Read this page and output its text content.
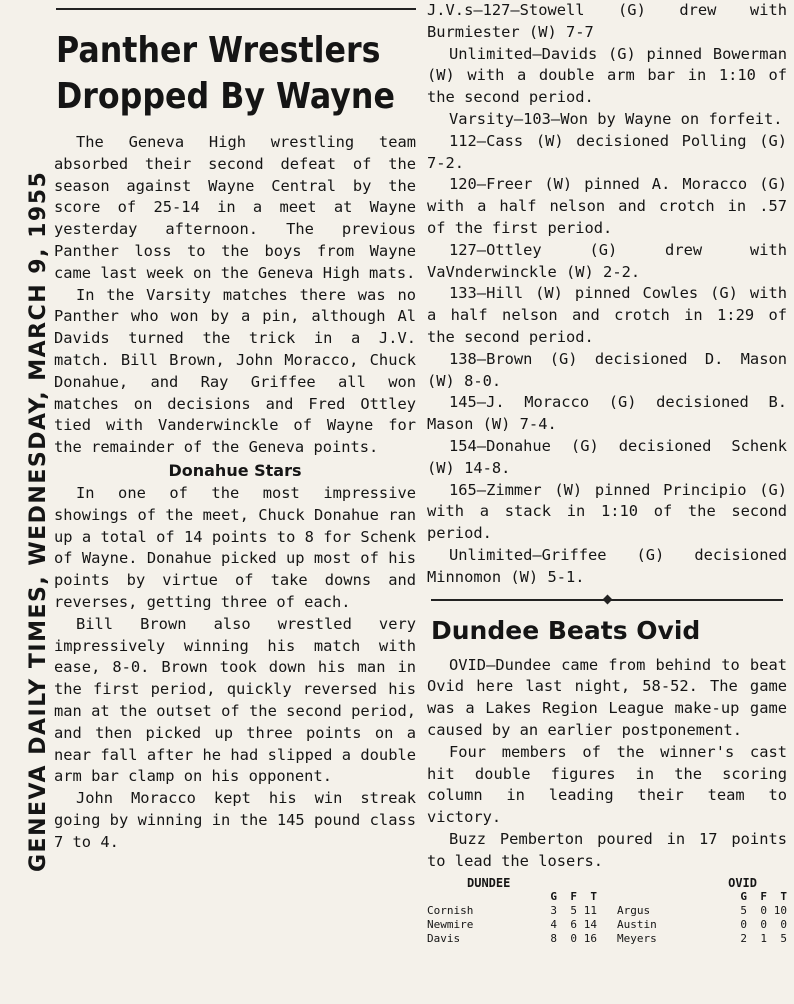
GENEVA DAILY TIMES, WEDNESDAY, MARCH 9, 1955
Panther Wrestlers Dropped By Wayne

The Geneva High wrestling team absorbed their second defeat of the season against Wayne Central by the score of 25-14 in a meet at Wayne yesterday afternoon. The previous Panther loss to the boys from Wayne came last week on the Geneva High mats.

In the Varsity matches there was no Panther who won by a pin, although Al Davids turned the trick in a J.V. match. Bill Brown, John Moracco, Chuck Donahue, and Ray Griffee all won matches on decisions and Fred Ottley tied with Vanderwinckle of Wayne for the remainder of the Geneva points.

Donahue Stars

In one of the most impressive showings of the meet, Chuck Donahue ran up a total of 14 points to 8 for Schenk of Wayne. Donahue picked up most of his points by virtue of take downs and reverses, getting three of each.

Bill Brown also wrestled very impressively winning his match with ease, 8-0. Brown took down his man in the first period, quickly reversed his man at the outset of the second period, and then picked up three points on a near fall after he had slipped a double arm bar clamp on his opponent.

John Moracco kept his win streak going by winning in the 145 pound class 7 to 4.

J.V.s—127—Stowell (G) drew with Burmiester (W) 7-7

Unlimited—Davids (G) pinned Bowerman (W) with a double arm bar in 1:10 of the second period.

Varsity—103—Won by Wayne on forfeit.

112—Cass (W) decisioned Polling (G) 7-2.

120—Freer (W) pinned A. Moracco (G) with a half nelson and crotch in .57 of the first period.

127—Ottley (G) drew with VaVnderwinckle (W) 2-2.

133—Hill (W) pinned Cowles (G) with a half nelson and crotch in 1:29 of the second period.

138—Brown (G) decisioned D. Mason (W) 8-0.

145—J. Moracco (G) decisioned B. Mason (W) 7-4.

154—Donahue (G) decisioned Schenk (W) 14-8.

165—Zimmer (W) pinned Principio (G) with a stack in 1:10 of the second period.

Unlimited—Griffee (G) decisioned Minnomon (W) 5-1.

Dundee Beats Ovid

OVID—Dundee came from behind to beat Ovid here last night, 58-52. The game was a Lakes Region League make-up game caused by an earlier postponement.

Four members of the winner's cast hit double figures in the scoring column in leading their team to victory.

Buzz Pemberton poured in 17 points to lead the losers.

DUNDEE	OVID
G	F	T	G	F	T
Cornish	3	5 11 Argus	5	0 10
Newmire	4	6 14 Austin	0	0	0
Davis	8	0 16 Meyers	2	1	5
